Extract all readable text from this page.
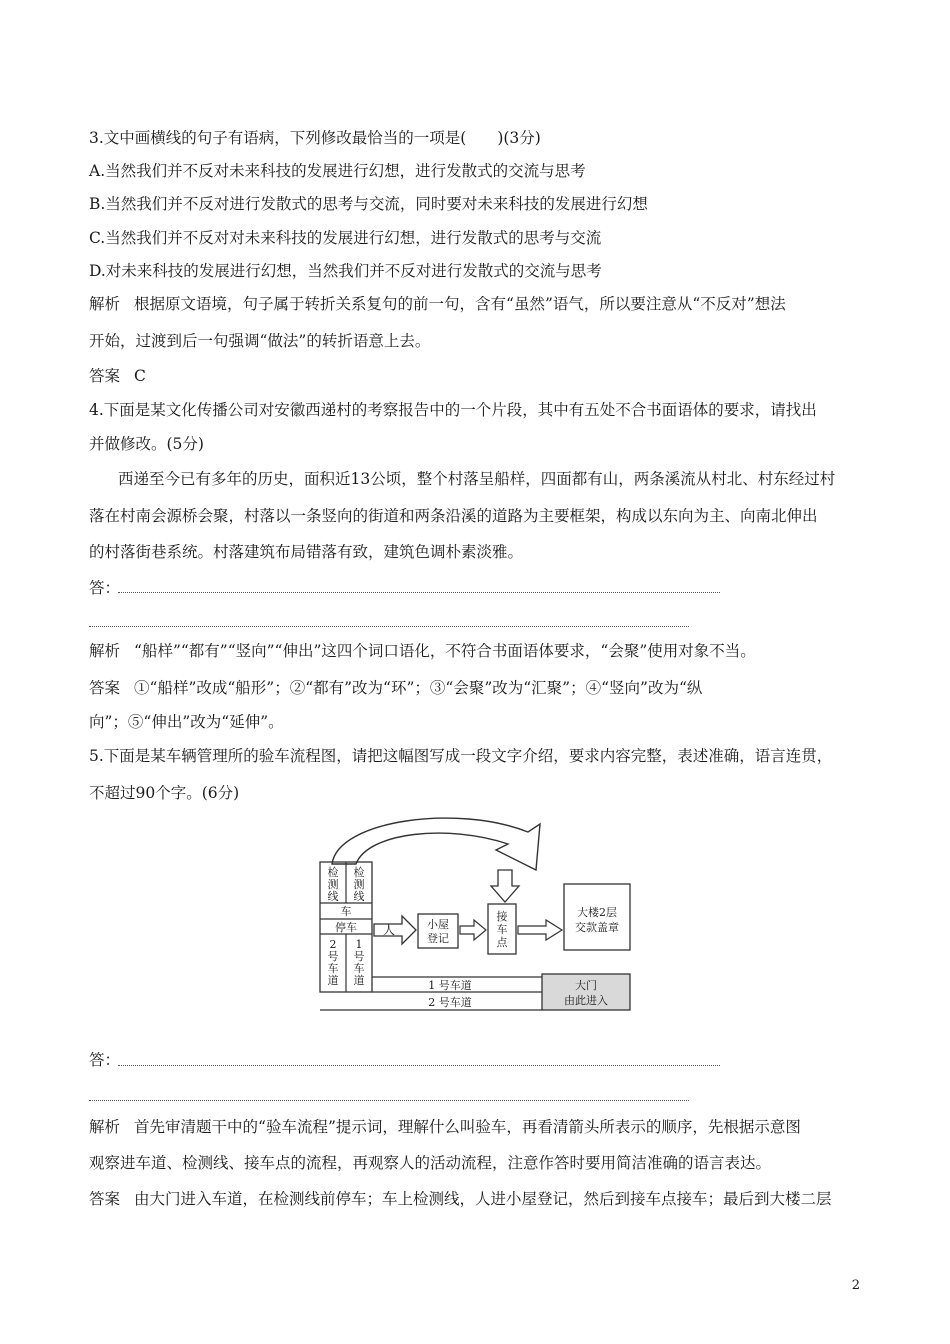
3.文中画横线的句子有语病，下列修改最恰当的一项是(　　)(3分)
A.当然我们并不反对未来科技的发展进行幻想，进行发散式的交流与思考
B.当然我们并不反对进行发散式的思考与交流，同时要对未来科技的发展进行幻想
C.当然我们并不反对对未来科技的发展进行幻想，进行发散式的思考与交流
D.对未来科技的发展进行幻想，当然我们并不反对进行发散式的交流与思考
解析 根据原文语境，句子属于转折关系复句的前一句，含有“虽然”语气，所以要注意从“不反对”想法
开始，过渡到后一句强调“做法”的转折语意上去。
答案 C
4.下面是某文化传播公司对安徽西递村的考察报告中的一个片段，其中有五处不合书面语体的要求，请找出
并做修改。(5分)
西递至今已有多年的历史，面积近13公顷，整个村落呈船样，四面都有山，两条溪流从村北、村东经过村
落在村南会源桥会聚，村落以一条竖向的街道和两条沿溪的道路为主要框架，构成以东向为主、向南北伸出
的村落街巷系统。村落建筑布局错落有致，建筑色调朴素淡雅。
答：
解析 “船样”“都有”“竖向”“伸出”这四个词口语化，不符合书面语体要求，“会聚”使用对象不当。
答案 ①“船样”改成“船形”；②“都有”改为“环”；③“会聚”改为“汇聚”；④“竖向”改为“纵
向”；⑤“伸出”改为“延伸”。
5.下面是某车辆管理所的验车流程图，请把这幅图写成一段文字介绍，要求内容完整，表述准确，语言连贯，
不超过90个字。(6分)
检
测
线
检
测
线
车
停车
2
号
车
道
1
号
车
道	1 号车道
2 号车道
大门
由此进入
人	小屋
登记
接
车
点
大楼2层
交款盖章
答：
解析 首先审清题干中的“验车流程”提示词，理解什么叫验车，再看清箭头所表示的顺序，先根据示意图
观察进车道、检测线、接车点的流程，再观察人的活动流程，注意作答时要用简洁准确的语言表达。
答案 由大门进入车道，在检测线前停车；车上检测线，人进小屋登记，然后到接车点接车；最后到大楼二层
2
